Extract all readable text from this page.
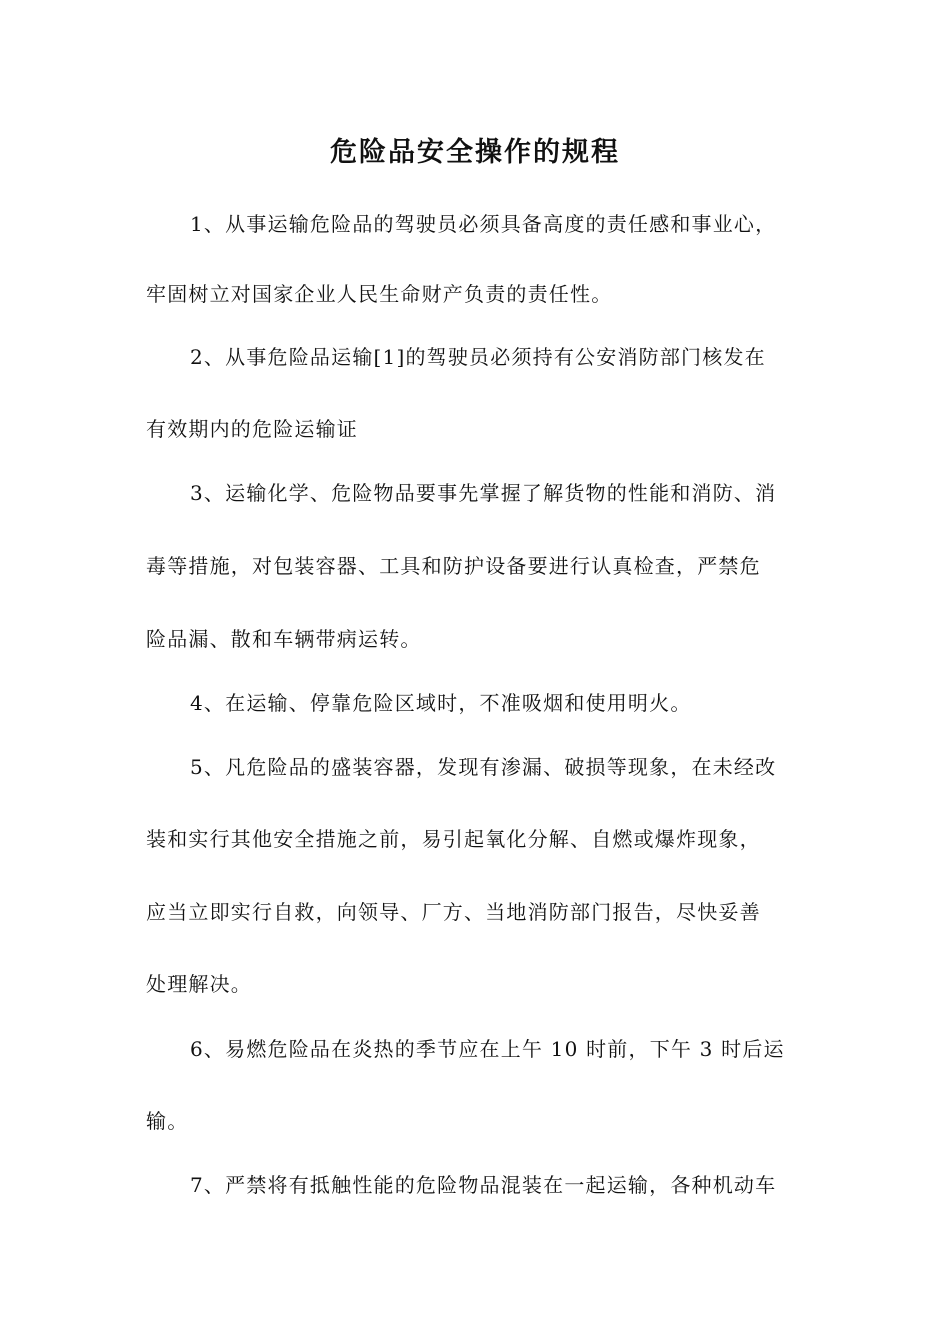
危险品安全操作的规程

1、从事运输危险品的驾驶员必须具备高度的责任感和事业心，

牢固树立对国家企业人民生命财产负责的责任性。

2、从事危险品运输[1]的驾驶员必须持有公安消防部门核发在

有效期内的危险运输证

3、运输化学、危险物品要事先掌握了解货物的性能和消防、消

毒等措施，对包装容器、工具和防护设备要进行认真检查，严禁危

险品漏、散和车辆带病运转。

4、在运输、停靠危险区域时，不准吸烟和使用明火。

5、凡危险品的盛装容器，发现有渗漏、破损等现象，在未经改

装和实行其他安全措施之前，易引起氧化分解、自燃或爆炸现象，

应当立即实行自救，向领导、厂方、当地消防部门报告，尽快妥善

处理解决。

6、易燃危险品在炎热的季节应在上午 10 时前，下午 3 时后运

输。

7、严禁将有抵触性能的危险物品混装在一起运输，各种机动车
